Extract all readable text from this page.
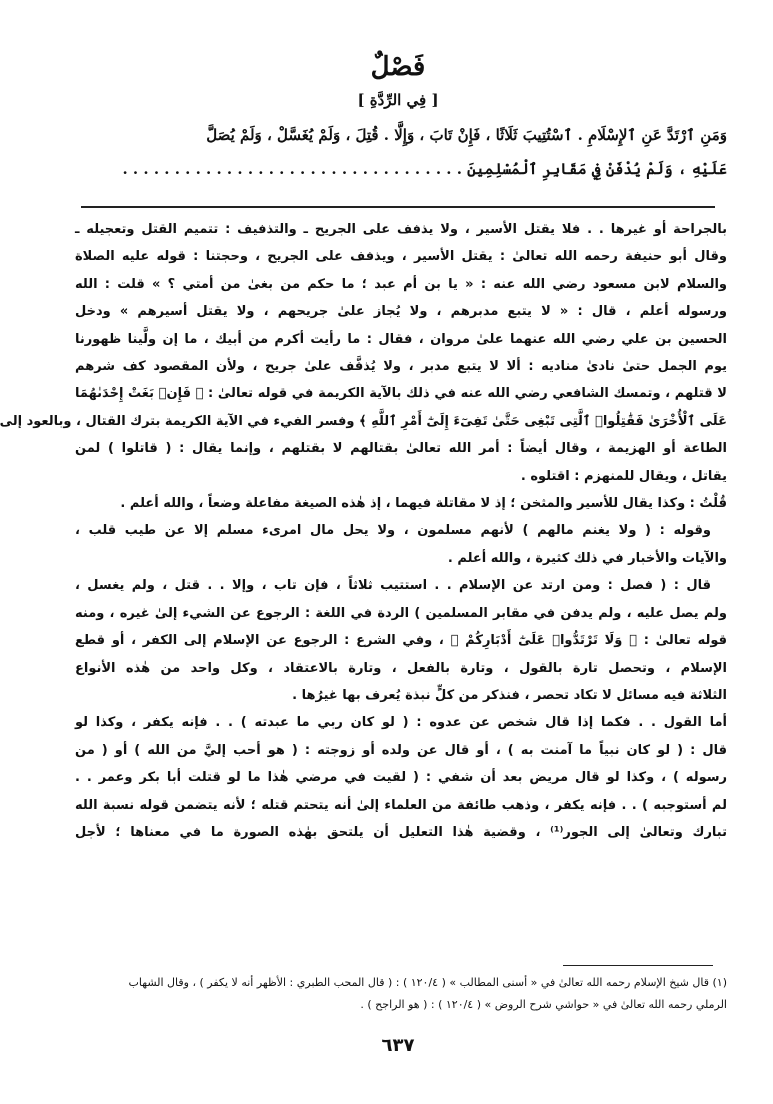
فَصْلٌ
[ فِي الرِّدَّةِ ]
وَمَنِ ٱرْتَدَّ عَنِ ٱلإِسْلَامِ . ٱسْتُتِيبَ ثَلَاثًا ، فَإِنْ تَابَ ، وَإِلَّا . قُتِلَ ، وَلَمْ يُغَسَّلْ ، وَلَمْ يُصَلَّ
عَلَيْهِ ، وَلَمْ يُدْفَنْ فِي مَقَابِرِ ٱلْمُسْلِمِينَ . . . . . . . . . . . . . . . . . . . . . . . . . . . . . . . . .
بالجراحة أو غيرها . . فلا يقتل الأسير ، ولا يذفف على الجريح ـ والتذفيف : تتميم القتل وتعجيله ـ
وقال أبو حنيفة رحمه الله تعالىٰ : يقتل الأسير ، ويذفف على الجريح ، وحجتنا : قوله عليه الصلاة
والسلام لابن مسعود رضي الله عنه : « يا بن أم عبد ؛ ما حكم من بغىٰ من أمتي ؟ » قلت : الله
ورسوله أعلم ، قال : « لا يتبع مدبرهم ، ولا يُجاز علىٰ جريحهم ، ولا يقتل أسيرهم » ودخل
الحسين بن علي رضي الله عنهما علىٰ مروان ، فقال : ما رأيت أكرم من أبيك ، ما إن ولَّينا ظهورنا
يوم الجمل حتىٰ نادىٰ مناديه : ألا لا يتبع مدبر ، ولا يُذفَّف علىٰ جريح ، ولأن المقصود كف شرهم
لا قتلهم ، وتمسك الشافعي رضي الله عنه في ذلك بالآية الكريمة في قوله تعالىٰ : ﴿ فَإِنۢ بَغَتْ إِحْدَىٰهُمَا
عَلَى ٱلْأُخْرَىٰ فَقَٰتِلُوا۟ ٱلَّتِى تَبْغِى حَتَّىٰ تَفِىٓءَ إِلَىٰٓ أَمْرِ ٱللَّهِ ﴾ وفسر الفيء في الآية الكريمة بترك القتال ، وبالعود إلى
الطاعة أو الهزيمة ، وقال أيضاً : أمر الله تعالىٰ بقتالهم لا بقتلهم ، وإنما يقال : ( قاتلوا ) لمن
يقاتل ، ويقال للمنهزم : اقتلوه .
قُلْتُ : وكذا يقال للأسير والمثخن ؛ إذ لا مقاتلة فيهما ، إذ هٰذه الصيغة مفاعلة وضعاً ، والله أعلم .
وقوله : ( ولا يغنم مالهم ) لأنهم مسلمون ، ولا يحل مال امرىء مسلم إلا عن طيب قلب ،
والآيات والأخبار في ذلك كثيرة ، والله أعلم .
قال : ( فصل : ومن ارتد عن الإسلام . . استتيب ثلاثاً ، فإن تاب ، وإلا . . قتل ، ولم يغسل ،
ولم يصل عليه ، ولم يدفن في مقابر المسلمين ) الردة في اللغة : الرجوع عن الشيء إلىٰ غيره ، ومنه
قوله تعالىٰ : ﴿ وَلَا تَرْتَدُّوا۟ عَلَىٰٓ أَدْبَارِكُمْ ﴾ ، وفي الشرع : الرجوع عن الإسلام إلى الكفر ، أو قطع
الإسلام ، وتحصل تارة بالقول ، وتارة بالفعل ، وتارة بالاعتقاد ، وكل واحد من هٰذه الأنواع
الثلاثة فيه مسائل لا تكاد تحصر ، فنذكر من كلٍّ نبذة يُعرف بها غيرُها .
أما القول . . فكما إذا قال شخص عن عدوه : ( لو كان ربي ما عبدته ) . . فإنه يكفر ، وكذا لو
قال : ( لو كان نبياً ما آمنت به ) ، أو قال عن ولده أو زوجته : ( هو أحب إليَّ من الله ) أو ( من
رسوله ) ، وكذا لو قال مريض بعد أن شفي : ( لقيت في مرضي هٰذا ما لو قتلت أبا بكر وعمر . .
لم أستوجبه ) . . فإنه يكفر ، وذهب طائفة من العلماء إلىٰ أنه يتحتم قتله ؛ لأنه يتضمن قوله نسبة الله
تبارك وتعالىٰ إلى الجور⁽¹⁾ ، وقضية هٰذا التعليل أن يلتحق بهٰذه الصورة ما في معناها ؛ لأجل
(١) قال شيخ الإسلام رحمه الله تعالىٰ في « أسنى المطالب » ( ١٢٠/٤ ) : ( قال المحب الطبري : الأظهر أنه لا يكفر ) ، وقال الشهاب
الرملي رحمه الله تعالىٰ في « حواشي شرح الروض » ( ١٢٠/٤ ) : ( هو الراجح ) .
٦٣٧
